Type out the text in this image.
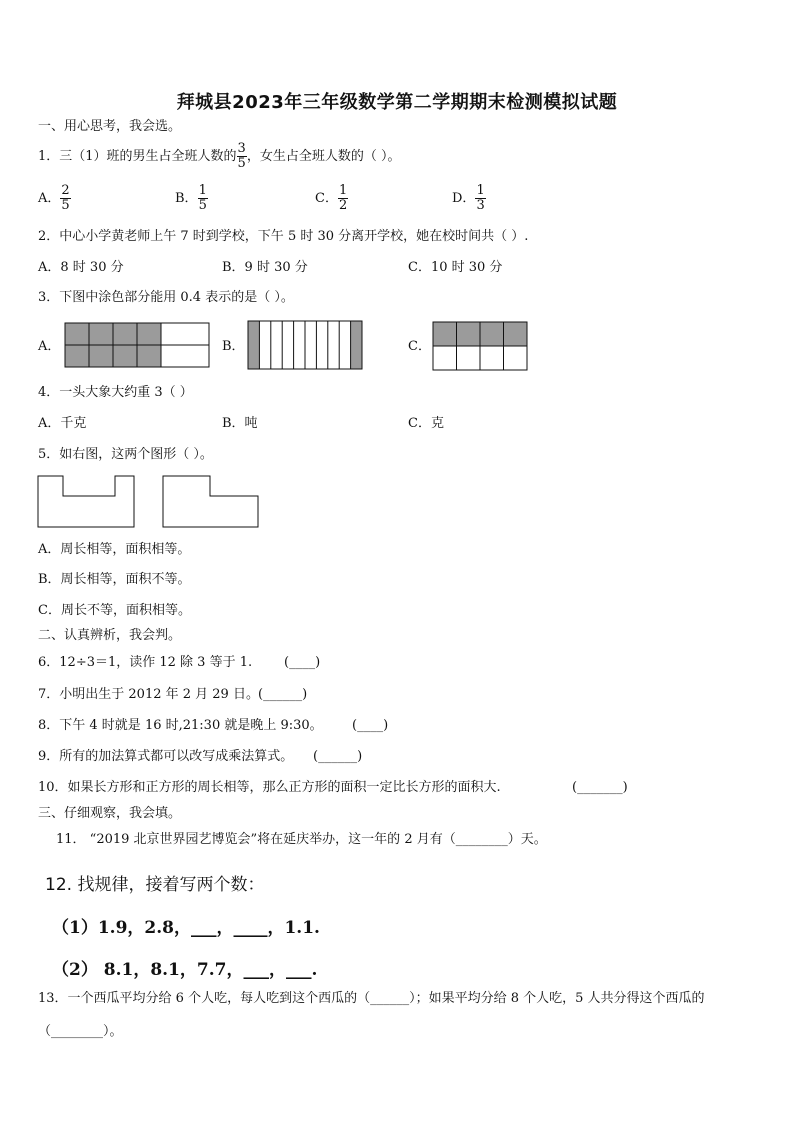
拜城县2023年三年级数学第二学期期末检测模拟试题
一、用心思考，我会选。
1．三（1）班的男生占全班人数的 $\frac{3}{5}$ ，女生占全班人数的（ ）。
A． $\frac{2}{5}$	B． $\frac{1}{5}$	C． $\frac{1}{2}$	D． $\frac{1}{3}$
2．中心小学黄老师上午 7 时到学校，下午 5 时 30 分离开学校，她在校时间共（ ）.
A．8 时 30 分	B．9 时 30 分	C．10 时 30 分
3．下图中涂色部分能用 0.4 表示的是（ ）。
A．	B．	C．
4．一头大象大约重 3（ ）
A．千克	B．吨	C．克
5．如右图，这两个图形（ ）。
A．周长相等，面积相等。
B．周长相等，面积不等。
C．周长不等，面积相等。
二、认真辨析，我会判。
6．12÷3＝1，读作 12 除 3 等于 1. (____)
7．小明出生于 2012 年 2 月 29 日。 (______)
8．下午 4 时就是 16 时,21:30 就是晚上 9:30。 (____)
9．所有的加法算式都可以改写成乘法算式。 (______)
10．如果长方形和正方形的周长相等，那么正方形的面积一定比长方形的面积大.	(_______)
三、仔细观察，我会填。
11． “2019 北京世界园艺博览会”将在延庆举办，这一年的 2 月有（________）天。
12. 找规律，接着写两个数：
（1）1.9，2.8，___，____，1.1.
（2） 8.1，8.1，7.7，___，___.
13．一个西瓜平均分给 6 个人吃，每人吃到这个西瓜的（______）；如果平均分给 8 个人吃，5 人共分得这个西瓜的
（________）。
